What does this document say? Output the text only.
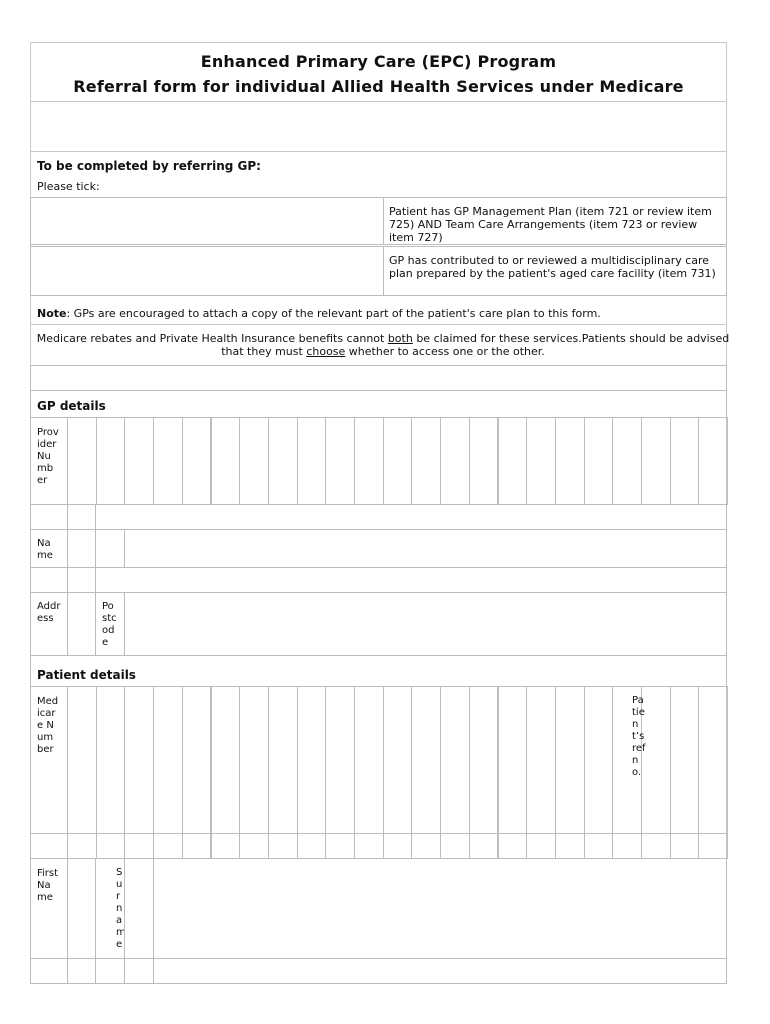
Enhanced Primary Care (EPC) Program
Referral form for individual Allied Health Services under Medicare
To be completed by referring GP:
Please tick:
Patient has GP Management Plan (item 721 or review item 725) AND Team Care Arrangements (item 723 or review item 727)
GP has contributed to or reviewed a multidisciplinary care plan prepared by the patient's aged care facility (item 731)
Note: GPs are encouraged to attach a copy of the relevant part of the patient's care plan to this form.
Medicare rebates and Private Health Insurance benefits cannot both be claimed for these services.Patients should be advised that they must choose whether to access one or the other.
GP details
Provider Number
Name
Address
Postcode
Patient details
Medicare Number
Patient’s ref no.
First Name
Surname
